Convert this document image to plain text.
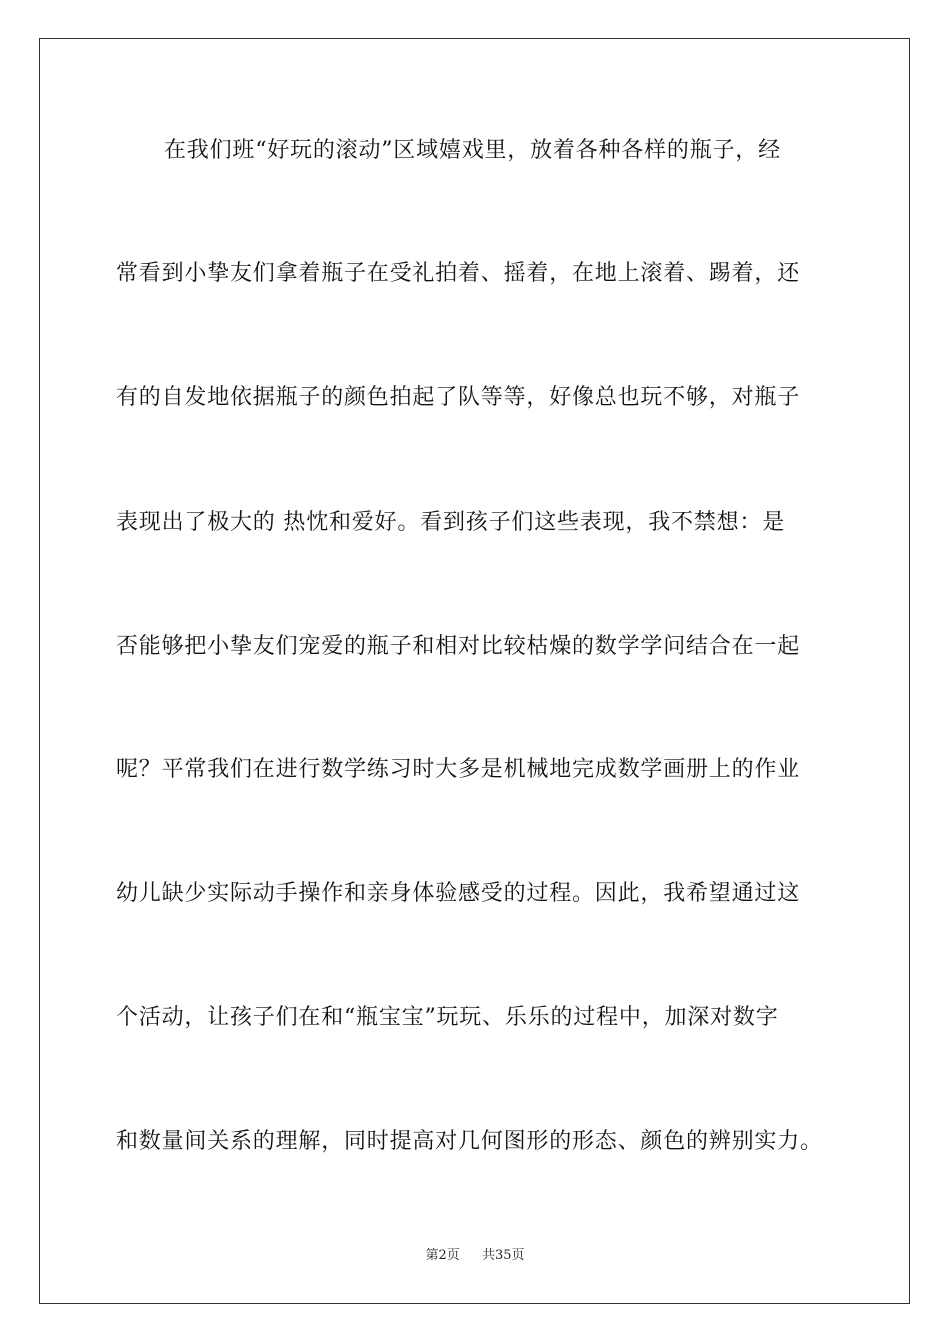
在我们班“好玩的滚动”区域嬉戏里，放着各种各样的瓶子，经
常看到小挚友们拿着瓶子在受礼拍着、摇着，在地上滚着、踢着，还
有的自发地依据瓶子的颜色拍起了队等等，好像总也玩不够，对瓶子
表现出了极大的 热忱和爱好。看到孩子们这些表现，我不禁想：是
否能够把小挚友们宠爱的瓶子和相对比较枯燥的数学学问结合在一起
呢？平常我们在进行数学练习时大多是机械地完成数学画册上的作业
幼儿缺少实际动手操作和亲身体验感受的过程。因此，我希望通过这
个活动，让孩子们在和“瓶宝宝”玩玩、乐乐的过程中，加深对数字
和数量间关系的理解，同时提高对几何图形的形态、颜色的辨别实力。
第2页 共35页
